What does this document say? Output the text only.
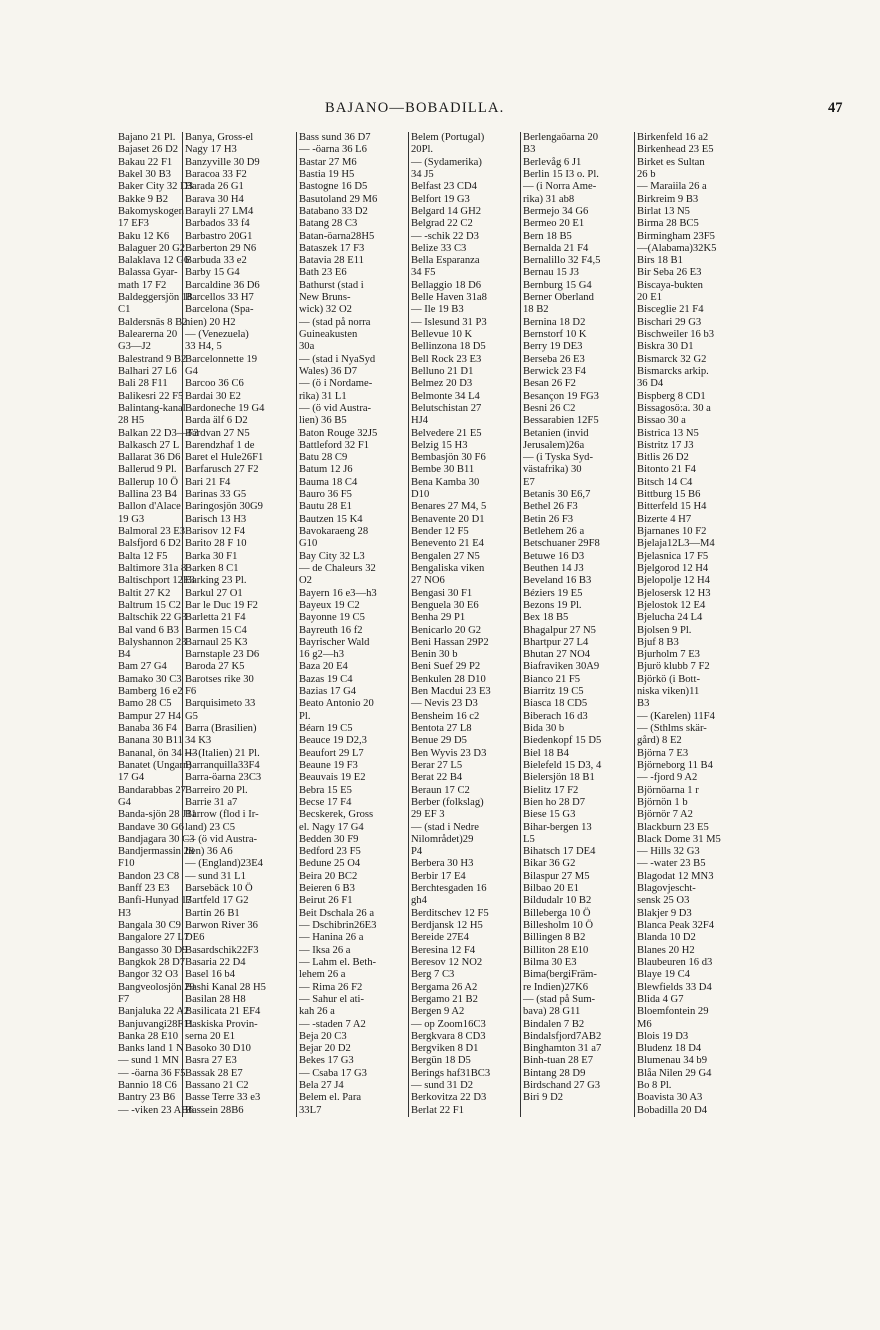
BAJANO—BOBADILLA.	47
Bajano 21 Pl.
Bajaset 26 D2
Bakau 22 F1
Bakel 30 B3
Baker City 32 D3
Bakke 9 B2
Bakomyskogen
17 EF3
Baku 12 K6
Balaguer 20 G2
Balaklava 12 G6
Balassa Gyar-
math 17 F2
Baldeggersjön 18
C1
Baldersnäs 8 B2
Balearerna 20
G3—J2
Balestrand 9 B2
Balhari 27 L6
Bali 28 F11
Balikesri 22 F5
Balintang-kanal
28 H5
Balkan 22 D3—F3
Balkasch 27 L
Ballarat 36 D6
Ballerud 9 Pl.
Ballerup 10 Ö
Ballina 23 B4
Ballon d'Alace
19 G3
Balmoral 23 E3
Balsfjord 6 D2
Balta 12 F5
Baltimore 31a 8
Baltischport 12E3
Baltit 27 K2
Baltrum 15 C2
Baltschik 22 G3
Bal vand 6 B3
Balyshannon 23
B4
Bam 27 G4
Bamako 30 C3
Bamberg 16 e2
Bamo 28 C5
Bampur 27 H4
Banaba 36 F4
Banana 30 B11
Bananal, ön 34 H3
Banatet (Ungarn)
17 G4
Bandarabbas 27
G4
Banda-sjön 28 J11
Bandave 30 G6
Bandjagara 30 C3
Bandjermassin 28
F10
Bandon 23 C8
Banff 23 E3
Banfi-Hunyad 17
H3
Bangala 30 C9
Bangalore 27 L7
Bangasso 30 D9
Bangkok 28 D7
Bangor 32 O3
Bangveolosjön 29
F7
Banjaluka 22 A2
Banjuvangi28F11
Banka 28 E10
Banks land 1 N
— sund 1 MN
— -öarna 36 F5
Bannio 18 C6
Bantry 23 B6
— -viken 23 AB6
Banya, Gross-el
Nagy 17 H3
Banzyville 30 D9
Baracoa 33 F2
Barada 26 G1
Barava 30 H4
Barayli 27 LM4
Barbados 33 f4
Barbastro 20G1
Barberton 29 N6
Barbuda 33 e2
Barby 15 G4
Barcaldine 36 D6
Barcellos 33 H7
Barcelona (Spa-
nien) 20 H2
— (Venezuela)
33 H4, 5
Barcelonnette 19
G4
Barcoo 36 C6
Bardai 30 E2
Bardoneche 19 G4
Barda älf 6 D2
Bardvan 27 N5
Barendzhaf 1 de
Baret el Hule26F1
Barfarusch 27 F2
Bari 21 F4
Barinas 33 G5
Baringosjön 30G9
Barisch 13 H3
Barisov 12 F4
Barito 28 F 10
Barka 30 F1
Barken 8 C1
Barking 23 Pl.
Barkul 27 O1
Bar le Duc 19 F2
Barletta 21 F4
Barmen 15 C4
Barnaul 25 K3
Barnstaple 23 D6
Baroda 27 K5
Barotses rike 30
F6
Barquisimeto 33
G5
Barra (Brasilien)
34 K3
— (Italien) 21 Pl.
Barranquilla33F4
Barra-öarna 23C3
Barreiro 20 Pl.
Barrie 31 a7
Barrow (flod i Ir-
land) 23 C5
— (ö vid Austra-
lien) 36 A6
— (England)23E4
— sund 31 L1
Barsebäck 10 Ö
Bartfeld 17 G2
Bartin 26 B1
Barwon River 36
DE6
Basardschik22F3
Basaria 22 D4
Basel 16 b4
Bashi Kanal 28 H5
Basilan 28 H8
Basilicata 21 EF4
Baskiska Provin-
serna 20 E1
Basoko 30 D10
Basra 27 E3
Bassak 28 E7
Bassano 21 C2
Basse Terre 33 e3
Bassein 28B6
Bass sund 36 D7
— -öarna 36 L6
Bastar 27 M6
Bastia 19 H5
Bastogne 16 D5
Basutoland 29 M6
Batabano 33 D2
Batang 28 C3
Batan-öarna28H5
Bataszek 17 F3
Batavia 28 E11
Bath 23 E6
Bathurst (stad i
New Bruns-
wick) 32 O2
— (stad på norra
Guineakusten
30a
— (stad i NyaSyd
Wales) 36 D7
— (ö i Nordame-
rika) 31 L1
— (ö vid Austra-
lien) 36 B5
Baton Rouge 32J5
Battleford 32 F1
Batu 28 C9
Batum 12 J6
Bauma 18 C4
Bauro 36 F5
Bautu 28 E1
Bautzen 15 K4
Bavokaraeng 28
G10
Bay City 32 L3
— de Chaleurs 32
O2
Bayern 16 e3—h3
Bayeux 19 C2
Bayonne 19 C5
Bayreuth 16 f2
Bayrischer Wald
16 g2—h3
Baza 20 E4
Bazas 19 C4
Bazias 17 G4
Beato Antonio 20
Pl.
Béarn 19 C5
Beauce 19 D2,3
Beaufort 29 L7
Beaune 19 F3
Beauvais 19 E2
Bebra 15 E5
Becse 17 F4
Becskerek, Gross
el. Nagy 17 G4
Bedden 30 F9
Bedford 23 F5
Bedune 25 O4
Beira 20 BC2
Beieren 6 B3
Beirut 26 F1
Beit Dschala 26 a
— Dschibrin26E3
— Hanina 26 a
— Iksa 26 a
— Lahm el. Beth-
lehem 26 a
— Rima 26 F2
— Sahur el ati-
kah 26 a
— -staden 7 A2
Beja 20 C3
Bejar 20 D2
Bekes 17 G3
— Csaba 17 G3
Bela 27 J4
Belem el. Para
33L7
Belem (Portugal)
20Pl.
— (Sydamerika)
34 J5
Belfast 23 CD4
Belfort 19 G3
Belgard 14 GH2
Belgrad 22 C2
— -schik 22 D3
Belize 33 C3
Bella Esparanza
34 F5
Bellaggio 18 D6
Belle Haven 31a8
— Ile 19 B3
— Islesund 31 P3
Bellevue 10 K
Bellinzona 18 D5
Bell Rock 23 E3
Belluno 21 D1
Belmez 20 D3
Belmonte 34 L4
Belutschistan 27
HJ4
Belvedere 21 E5
Belzig 15 H3
Bembasjön 30 F6
Bembe 30 B11
Bena Kamba 30
D10
Benares 27 M4, 5
Benavente 20 D1
Bender 12 F5
Benevento 21 E4
Bengalen 27 N5
Bengaliska viken
27 NO6
Bengasi 30 F1
Benguela 30 E6
Benha 29 P1
Benicarlo 20 G2
Beni Hassan 29P2
Benin 30 b
Beni Suef 29 P2
Benkulen 28 D10
Ben Macdui 23 E3
— Nevis 23 D3
Bensheim 16 c2
Bentota 27 L8
Benue 29 D5
Ben Wyvis 23 D3
Berar 27 L5
Berat 22 B4
Beraun 17 C2
Berber (folkslag)
29 EF 3
— (stad i Nedre
Nilområdet)29
P4
Berbera 30 H3
Berbir 17 E4
Berchtesgaden 16
gh4
Berditschev 12 F5
Berdjansk 12 H5
Bereide 27E4
Beresina 12 F4
Beresov 12 NO2
Berg 7 C3
Bergama 26 A2
Bergamo 21 B2
Bergen 9 A2
— op Zoom16C3
Bergkvara 8 CD3
Bergviken 8 D1
Bergün 18 D5
Berings haf31BC3
— sund 31 D2
Berkovitza 22 D3
Berlat 22 F1
Berlengaöarna 20
B3
Berlevåg 6 J1
Berlin 15 I3 o. Pl.
— (i Norra Ame-
rika) 31 ab8
Bermejo 34 G6
Bermeo 20 E1
Bern 18 B5
Bernalda 21 F4
Bernalillo 32 F4,5
Bernau 15 J3
Bernburg 15 G4
Berner Oberland
18 B2
Bernina 18 D2
Bernstorf 10 K
Berry 19 DE3
Berseba 26 E3
Berwick 23 F4
Besan 26 F2
Besançon 19 FG3
Besni 26 C2
Bessarabien 12F5
Betanien (invid
Jerusalem)26a
— (i Tyska Syd-
västafrika) 30
E7
Betanis 30 E6,7
Bethel 26 F3
Betin 26 F3
Betlehem 26 a
Betschuaner 29F8
Betuwe 16 D3
Beuthen 14 J3
Beveland 16 B3
Béziers 19 E5
Bezons 19 Pl.
Bex 18 B5
Bhagalpur 27 N5
Bhartpur 27 L4
Bhutan 27 NO4
Biafraviken 30A9
Bianco 21 F5
Biarritz 19 C5
Biasca 18 CD5
Biberach 16 d3
Bida 30 b
Biedenkopf 15 D5
Biel 18 B4
Bielefeld 15 D3, 4
Bielersjön 18 B1
Bielitz 17 F2
Bien ho 28 D7
Biese 15 G3
Bihar-bergen 13
L5
Bihatsch 17 DE4
Bikar 36 G2
Bilaspur 27 M5
Bilbao 20 E1
Bildudalr 10 B2
Billeberga 10 Ö
Billesholm 10 Ö
Billingen 8 B2
Billiton 28 E10
Bilma 30 E3
Bima(bergiFräm-
re Indien)27K6
— (stad på Sum-
bava) 28 G11
Bindalen 7 B2
Bindalsfjord7AB2
Binghamton 31 a7
Binh-tuan 28 E7
Bintang 28 D9
Birdschand 27 G3
Biri 9 D2
Birkenfeld 16 a2
Birkenhead 23 E5
Birket es Sultan
26 b
— Maraiila 26 a
Birkreim 9 B3
Birlat 13 N5
Birma 28 BC5
Birmingham 23F5
—(Alabama)32K5
Birs 18 B1
Bir Seba 26 E3
Biscaya-bukten
20 E1
Bisceglie 21 F4
Bischari 29 G3
Bischweiler 16 b3
Biskra 30 D1
Bismarck 32 G2
Bismarcks arkip.
36 D4
Bispberg 8 CD1
Bissagosö:a. 30 a
Bissao 30 a
Bistrica 13 N5
Bistritz 17 J3
Bitlis 26 D2
Bitonto 21 F4
Bitsch 14 C4
Bittburg 15 B6
Bitterfeld 15 H4
Bizerte 4 H7
Bjarnanes 10 F2
Bjelaja12L3—M4
Bjelasnica 17 F5
Bjelgorod 12 H4
Bjelopolje 12 H4
Bjelosersk 12 H3
Bjelostok 12 E4
Bjelucha 24 L4
Bjolsen 9 Pl.
Bjuf 8 B3
Bjurholm 7 E3
Bjurö klubb 7 F2
Björkö (i Bott-
niska viken)11
B3
— (Karelen) 11F4
— (Sthlms skär-
gård) 8 E2
Björna 7 E3
Björneborg 11 B4
— -fjord 9 A2
Björnöarna 1 r
Björnön 1 b
Björnör 7 A2
Blackburn 23 E5
Black Dome 31 M5
— Hills 32 G3
— -water 23 B5
Blagodat 12 MN3
Blagovjescht-
sensk 25 O3
Blakjer 9 D3
Blanca Peak 32F4
Blanda 10 D2
Blanes 20 H2
Blaubeuren 16 d3
Blaye 19 C4
Blewfields 33 D4
Blida 4 G7
Bloemfontein 29
M6
Blois 19 D3
Bludenz 18 D4
Blumenau 34 b9
Blåa Nilen 29 G4
Bo 8 Pl.
Boavista 30 A3
Bobadilla 20 D4
